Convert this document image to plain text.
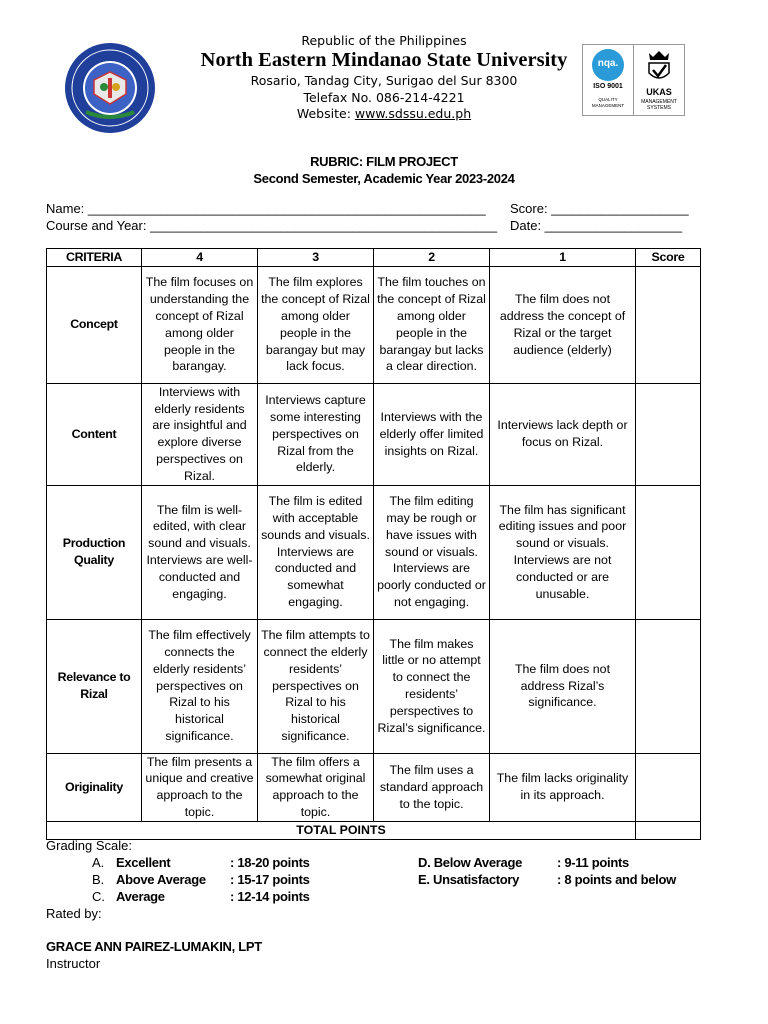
Republic of the Philippines
North Eastern Mindanao State University
Rosario, Tandag City, Surigao del Sur 8300
Telefax No. 086-214-4221
Website: www.sdssu.edu.ph
nqa.
ISO 9001
QUALITY MANAGEMENT
UKAS
MANAGEMENT SYSTEMS
RUBRIC: FILM PROJECT
Second Semester, Academic Year 2023-2024
Name: _______________________________________________________ Score: ___________________
Course and Year: ________________________________________________ Date: ___________________
CRITERIA	4	3	2	1	Score
Concept	The film focuses on understanding the concept of Rizal among older people in the barangay.	The film explores the concept of Rizal among older people in the barangay but may lack focus.	The film touches on the concept of Rizal among older people in the barangay but lacks a clear direction.	The film does not address the concept of Rizal or the target audience (elderly)	
Content	Interviews with elderly residents are insightful and explore diverse perspectives on Rizal.	Interviews capture some interesting perspectives on Rizal from the elderly.	Interviews with the elderly offer limited insights on Rizal.	Interviews lack depth or focus on Rizal.	
Production Quality	The film is well-edited, with clear sound and visuals. Interviews are well-conducted and engaging.	The film is edited with acceptable sounds and visuals. Interviews are conducted and somewhat engaging.	The film editing may be rough or have issues with sound or visuals. Interviews are poorly conducted or not engaging.	The film has significant editing issues and poor sound or visuals. Interviews are not conducted or are unusable.	
Relevance to Rizal	The film effectively connects the elderly residents’ perspectives on Rizal to his historical significance.	The film attempts to connect the elderly residents’ perspectives on Rizal to his historical significance.	The film makes little or no attempt to connect the residents’ perspectives to Rizal’s significance.	The film does not address Rizal’s significance.	
Originality	The film presents a unique and creative approach to the topic.	The film offers a somewhat original approach to the topic.	The film uses a standard approach to the topic.	The film lacks originality in its approach.	
TOTAL POINTS					
Grading Scale:
A. Excellent	: 18-20 points
B. Above Average : 15-17 points
C. Average	: 12-14 points
D. Below Average	: 9-11 points
E. Unsatisfactory	: 8 points and below
Rated by:
GRACE ANN PAIREZ-LUMAKIN, LPT
Instructor
